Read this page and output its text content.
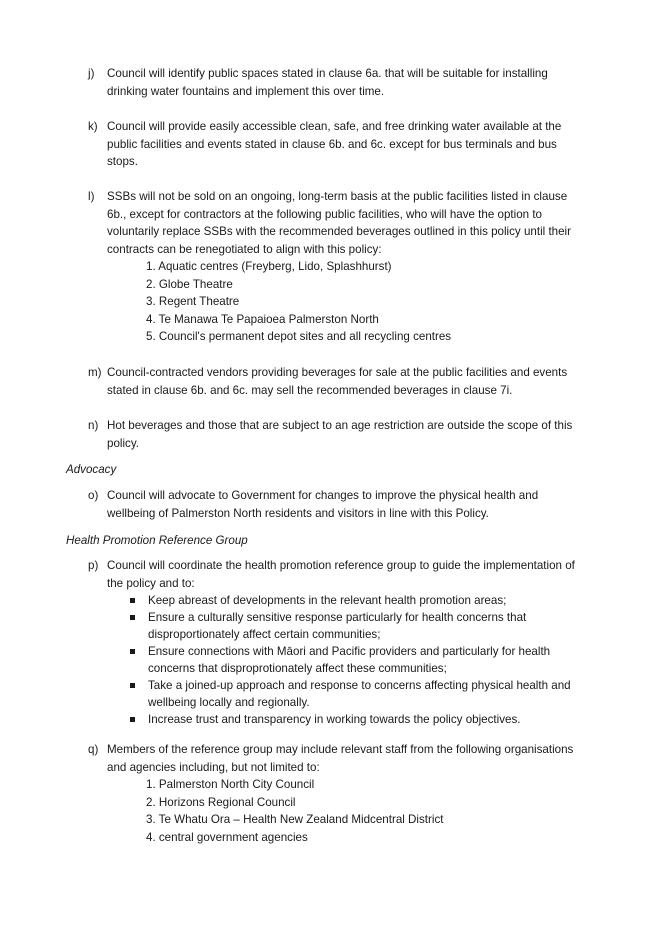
j) Council will identify public spaces stated in clause 6a. that will be suitable for installing drinking water fountains and implement this over time.
k) Council will provide easily accessible clean, safe, and free drinking water available at the public facilities and events stated in clause 6b. and 6c. except for bus terminals and bus stops.
l) SSBs will not be sold on an ongoing, long-term basis at the public facilities listed in clause 6b., except for contractors at the following public facilities, who will have the option to voluntarily replace SSBs with the recommended beverages outlined in this policy until their contracts can be renegotiated to align with this policy:
1. Aquatic centres (Freyberg, Lido, Splashhurst)
2. Globe Theatre
3. Regent Theatre
4. Te Manawa Te Papaioea Palmerston North
5. Council's permanent depot sites and all recycling centres
m) Council-contracted vendors providing beverages for sale at the public facilities and events stated in clause 6b. and 6c. may sell the recommended beverages in clause 7i.
n) Hot beverages and those that are subject to an age restriction are outside the scope of this policy.
Advocacy
o) Council will advocate to Government for changes to improve the physical health and wellbeing of Palmerston North residents and visitors in line with this Policy.
Health Promotion Reference Group
p) Council will coordinate the health promotion reference group to guide the implementation of the policy and to:
Keep abreast of developments in the relevant health promotion areas;
Ensure a culturally sensitive response particularly for health concerns that disproportionately affect certain communities;
Ensure connections with Māori and Pacific providers and particularly for health concerns that disproprotionately affect these communities;
Take a joined-up approach and response to concerns affecting physical health and wellbeing locally and regionally.
Increase trust and transparency in working towards the policy objectives.
q) Members of the reference group may include relevant staff from the following organisations and agencies including, but not limited to:
1. Palmerston North City Council
2. Horizons Regional Council
3. Te Whatu Ora – Health New Zealand Midcentral District
4. central government agencies
